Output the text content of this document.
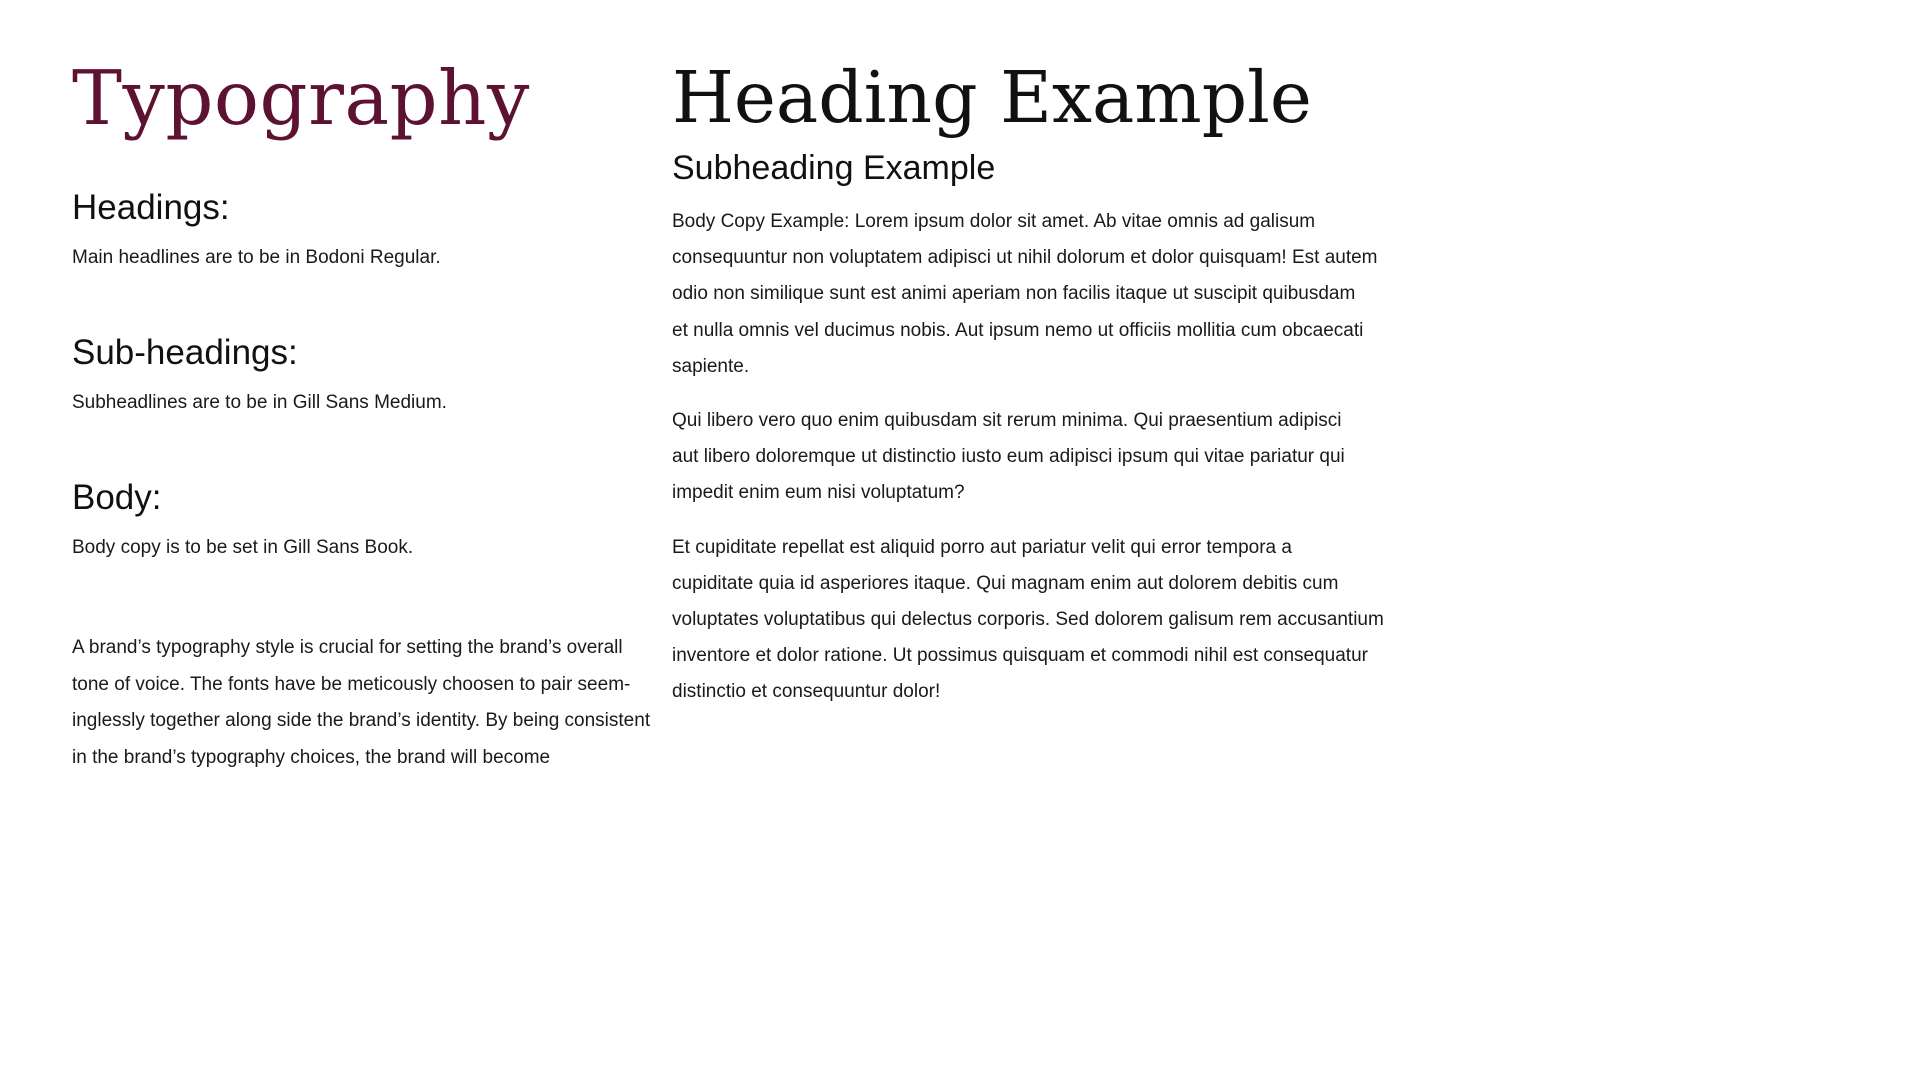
Typography
Headings:

Main headlines are to be in Bodoni Regular.

Sub-headings:

Subheadlines are to be in Gill Sans Medium.

Body:

Body copy is to be set in Gill Sans Book.

A brand’s typography style is crucial for setting the brand’s overall
tone of voice. The fonts have be meticously choosen to pair seem-
inglessly together along side the brand’s identity. By being consistent
in the brand’s typography choices, the brand will become
Heading Example
Subheading Example
Body Copy Example: Lorem ipsum dolor sit amet. Ab vitae omnis ad galisum
consequuntur non voluptatem adipisci ut nihil dolorum et dolor quisquam! Est autem
odio non similique sunt est animi aperiam non facilis itaque ut suscipit quibusdam
et nulla omnis vel ducimus nobis. Aut ipsum nemo ut officiis mollitia cum obcaecati
sapiente.
Qui libero vero quo enim quibusdam sit rerum minima. Qui praesentium adipisci
aut libero doloremque ut distinctio iusto eum adipisci ipsum qui vitae pariatur qui
impedit enim eum nisi voluptatum?
Et cupiditate repellat est aliquid porro aut pariatur velit qui error tempora a
cupiditate quia id asperiores itaque. Qui magnam enim aut dolorem debitis cum
voluptates voluptatibus qui delectus corporis. Sed dolorem galisum rem accusantium
inventore et dolor ratione. Ut possimus quisquam et commodi nihil est consequatur
distinctio et consequuntur dolor!
